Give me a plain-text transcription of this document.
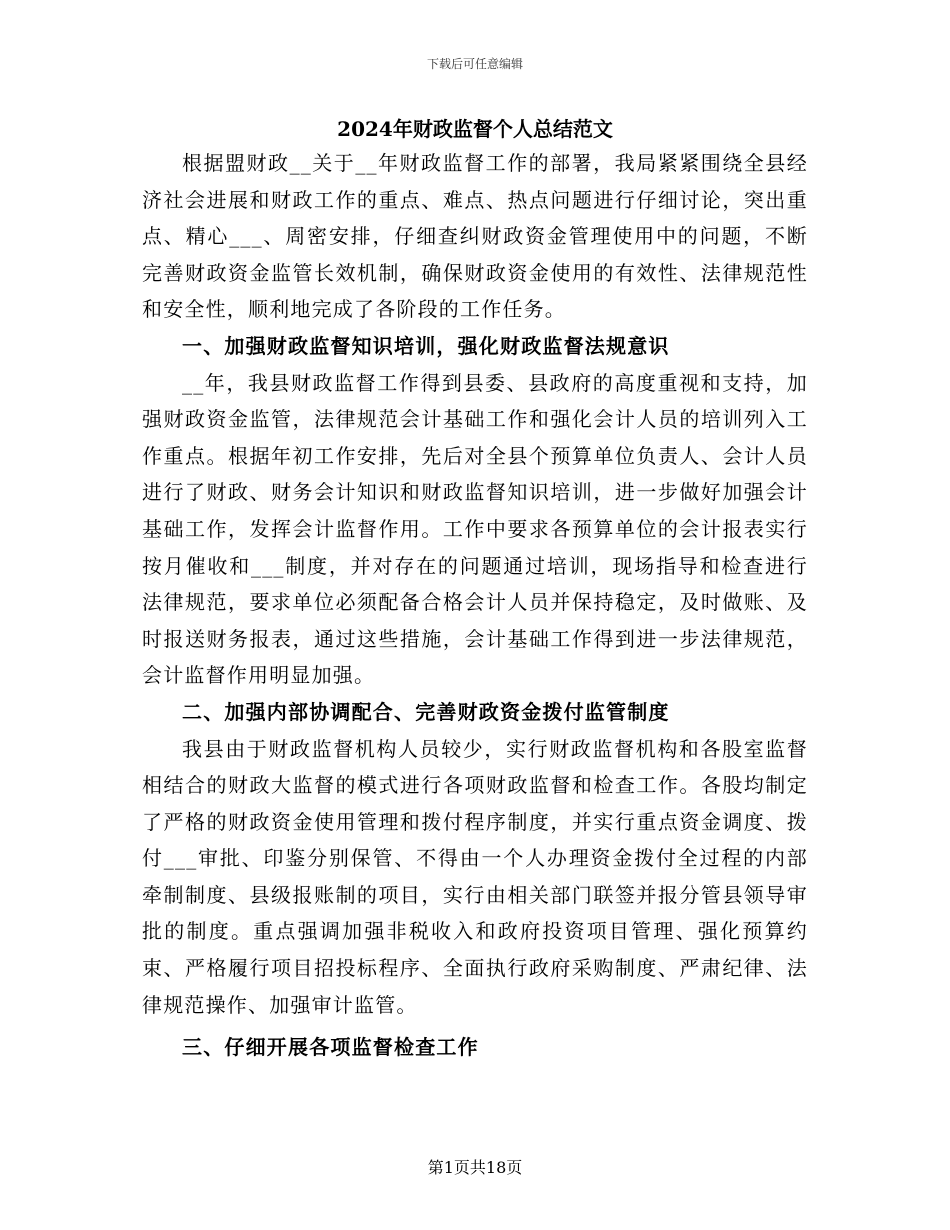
下载后可任意编辑
2024年财政监督个人总结范文

根据盟财政__关于__年财政监督工作的部署，我局紧紧围绕全县经济社会进展和财政工作的重点、难点、热点问题进行仔细讨论，突出重点、精心___、周密安排，仔细查纠财政资金管理使用中的问题，不断完善财政资金监管长效机制，确保财政资金使用的有效性、法律规范性和安全性，顺利地完成了各阶段的工作任务。

一、加强财政监督知识培训，强化财政监督法规意识

__年，我县财政监督工作得到县委、县政府的高度重视和支持，加强财政资金监管，法律规范会计基础工作和强化会计人员的培训列入工作重点。根据年初工作安排，先后对全县个预算单位负责人、会计人员进行了财政、财务会计知识和财政监督知识培训，进一步做好加强会计基础工作，发挥会计监督作用。工作中要求各预算单位的会计报表实行按月催收和___制度，并对存在的问题通过培训，现场指导和检查进行法律规范，要求单位必须配备合格会计人员并保持稳定，及时做账、及时报送财务报表，通过这些措施，会计基础工作得到进一步法律规范，会计监督作用明显加强。

二、加强内部协调配合、完善财政资金拨付监管制度

我县由于财政监督机构人员较少，实行财政监督机构和各股室监督相结合的财政大监督的模式进行各项财政监督和检查工作。各股均制定了严格的财政资金使用管理和拨付程序制度，并实行重点资金调度、拨付___审批、印鉴分别保管、不得由一个人办理资金拨付全过程的内部牵制制度、县级报账制的项目，实行由相关部门联签并报分管县领导审批的制度。重点强调加强非税收入和政府投资项目管理、强化预算约束、严格履行项目招投标程序、全面执行政府采购制度、严肃纪律、法律规范操作、加强审计监管。

三、仔细开展各项监督检查工作
第1页共18页
